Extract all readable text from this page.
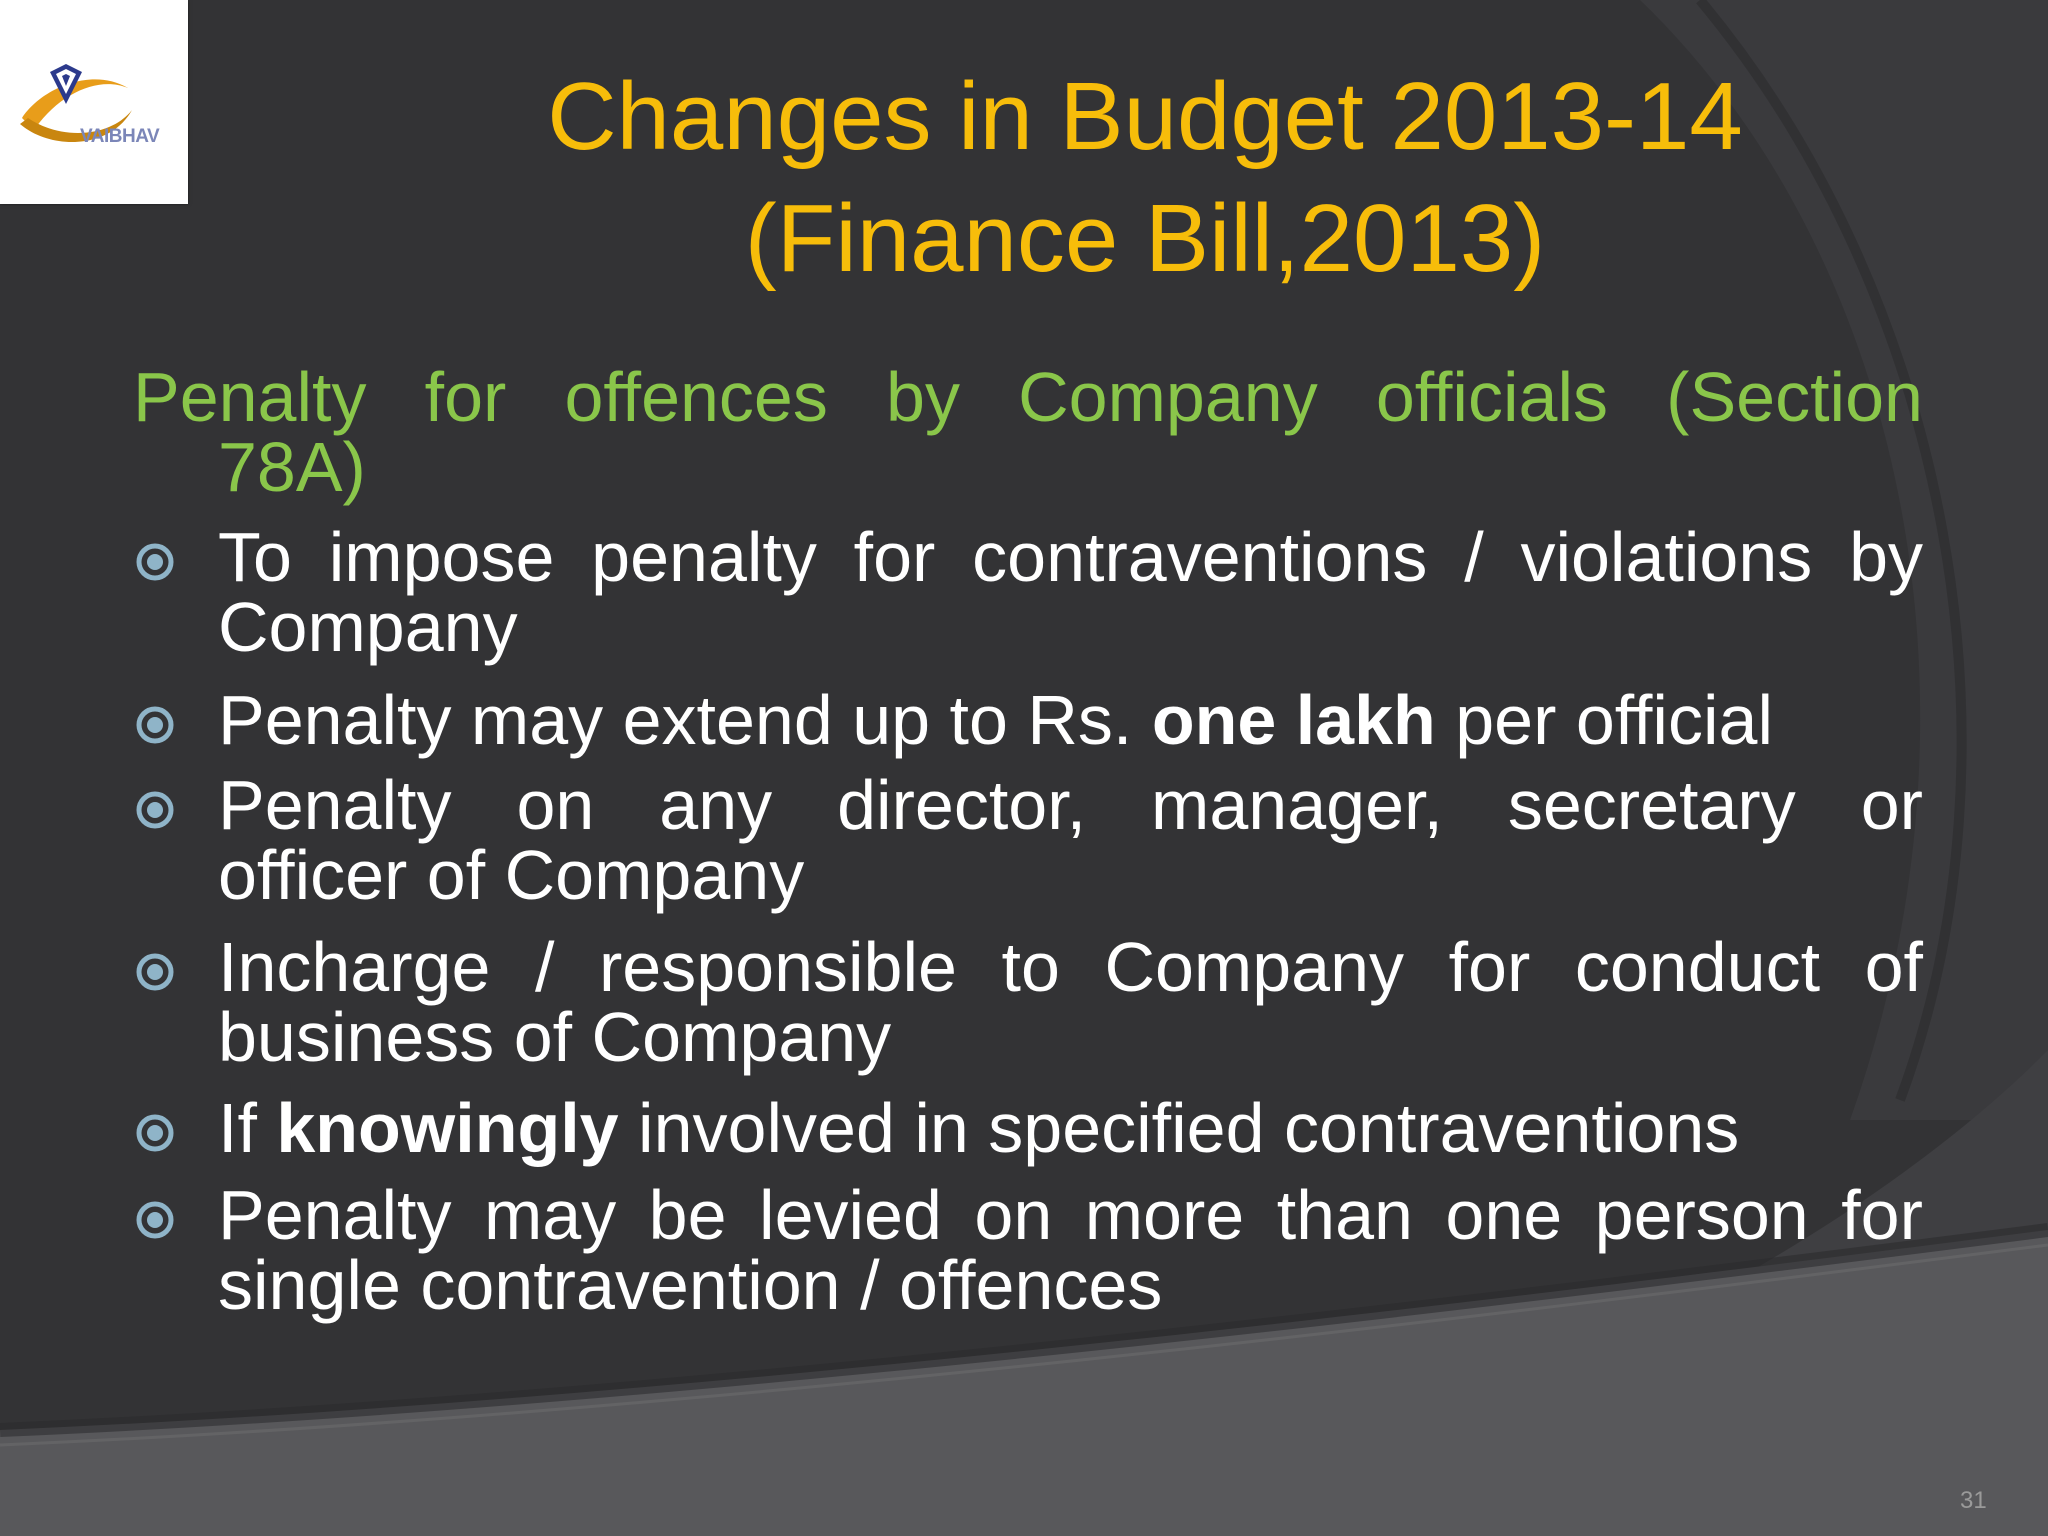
VAIBHAV	Changes in Budget 2013-14
(Finance Bill,2013)
Penalty for offences by Company officials (Section
78A)
To impose penalty for contraventions / violations by
Company
Penalty may extend up to Rs. one lakh per official
Penalty on any director, manager, secretary or
officer of Company
Incharge / responsible to Company for conduct of
business of Company
If knowingly involved in specified contraventions
Penalty may be levied on more than one person for
single contravention / offences
31
